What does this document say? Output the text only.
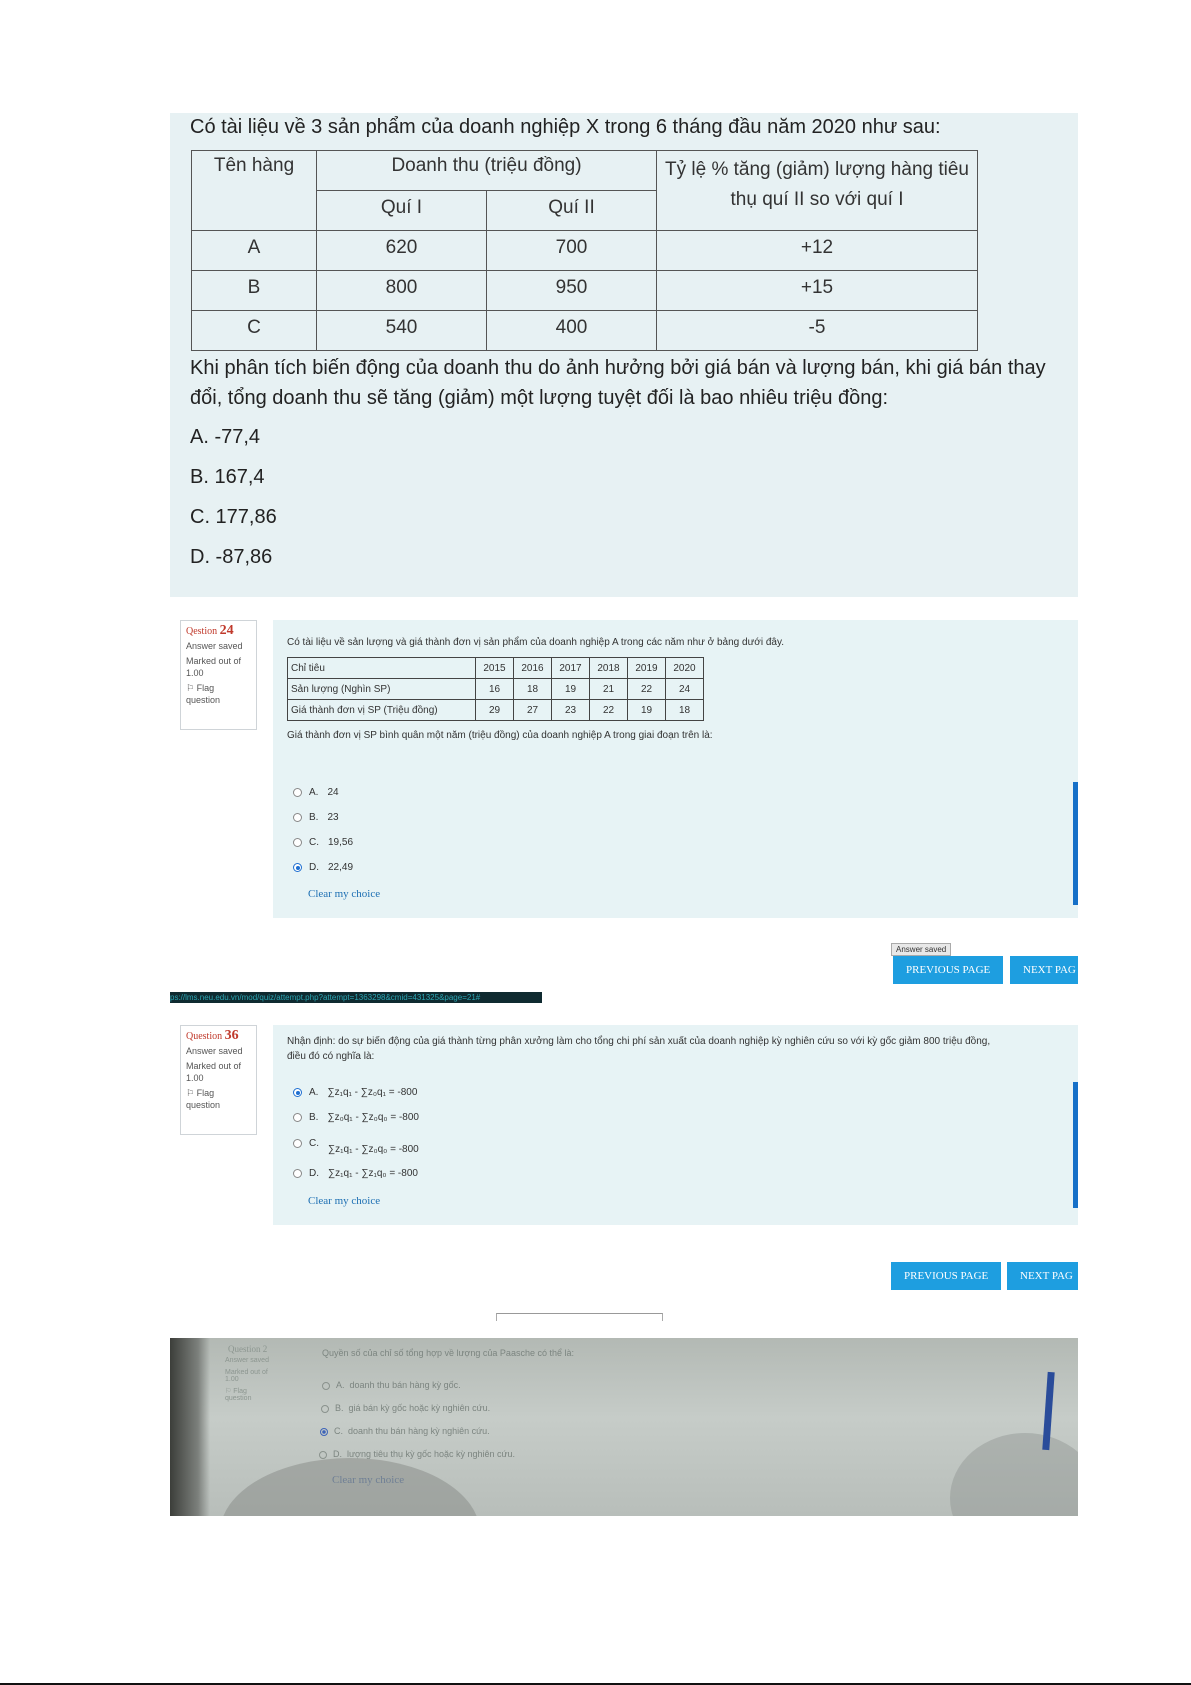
Có tài liệu về 3 sản phẩm của doanh nghiệp X trong 6 tháng đầu năm 2020 như sau:
Tên hàng	Doanh thu (triệu đồng)		Tỷ lệ % tăng (giảm) lượng hàng tiêu
thụ quí II so với quí I

	Quí I	Quí II	
A	620	700	+12
B	800	950	+15
C	540	400	-5
Khi phân tích biến động của doanh thu do ảnh hưởng bởi giá bán và lượng bán, khi giá bán thay đổi, tổng doanh thu sẽ tăng (giảm) một lượng tuyệt đối là bao nhiêu triệu đồng:
A. -77,4
B. 167,4
C. 177,86
D. -87,86
Qestion 24
Answer saved
Marked out of
1.00
⚐ Flag
question
Có tài liệu về sản lượng và giá thành đơn vị sản phẩm của doanh nghiệp A trong các năm như ở bảng dưới đây.
Chỉ tiêu	2015	2016	2017	2018	2019	2020
Sản lượng (Nghìn SP)	16	18	19	21	22	24
Giá thành đơn vị SP (Triệu đồng)	29	27	23	22	19	18
Giá thành đơn vị SP bình quân một năm (triệu đồng) của doanh nghiệp A trong giai đoạn trên là:
A. 24
B. 23
C. 19,56
D. 22,49
Clear my choice
Answer saved
PREVIOUS PAGE	NEXT PAG
ps://lms.neu.edu.vn/mod/quiz/attempt.php?attempt=1363298&cmid=431325&page=21#
Question 36
Answer saved
Marked out of
1.00
⚐ Flag
question
Nhận định: do sự biến động của giá thành từng phân xưởng làm cho tổng chi phí sản xuất của doanh nghiệp kỳ nghiên cứu so với kỳ gốc giảm 800 triệu đồng,
điều đó có nghĩa là:
A. ∑z₁q₁ - ∑z₀q₁ = -800
B. ∑z₀q₁ - ∑z₀q₀ = -800
C.
∑z₁q₁ - ∑z₀q₀ = -800
D. ∑z₁q₁ - ∑z₁q₀ = -800
Clear my choice
PREVIOUS PAGE	NEXT PAG
Question 2
Answer saved
Marked out of
1.00
⚐ Flag
question
Quyền số của chỉ số tổng hợp về lượng của Paasche có thể là:
A. doanh thu bán hàng kỳ gốc.
B. giá bán kỳ gốc hoặc kỳ nghiên cứu.
C. doanh thu bán hàng kỳ nghiên cứu.
D. lượng tiêu thụ kỳ gốc hoặc kỳ nghiên cứu.
Clear my choice
